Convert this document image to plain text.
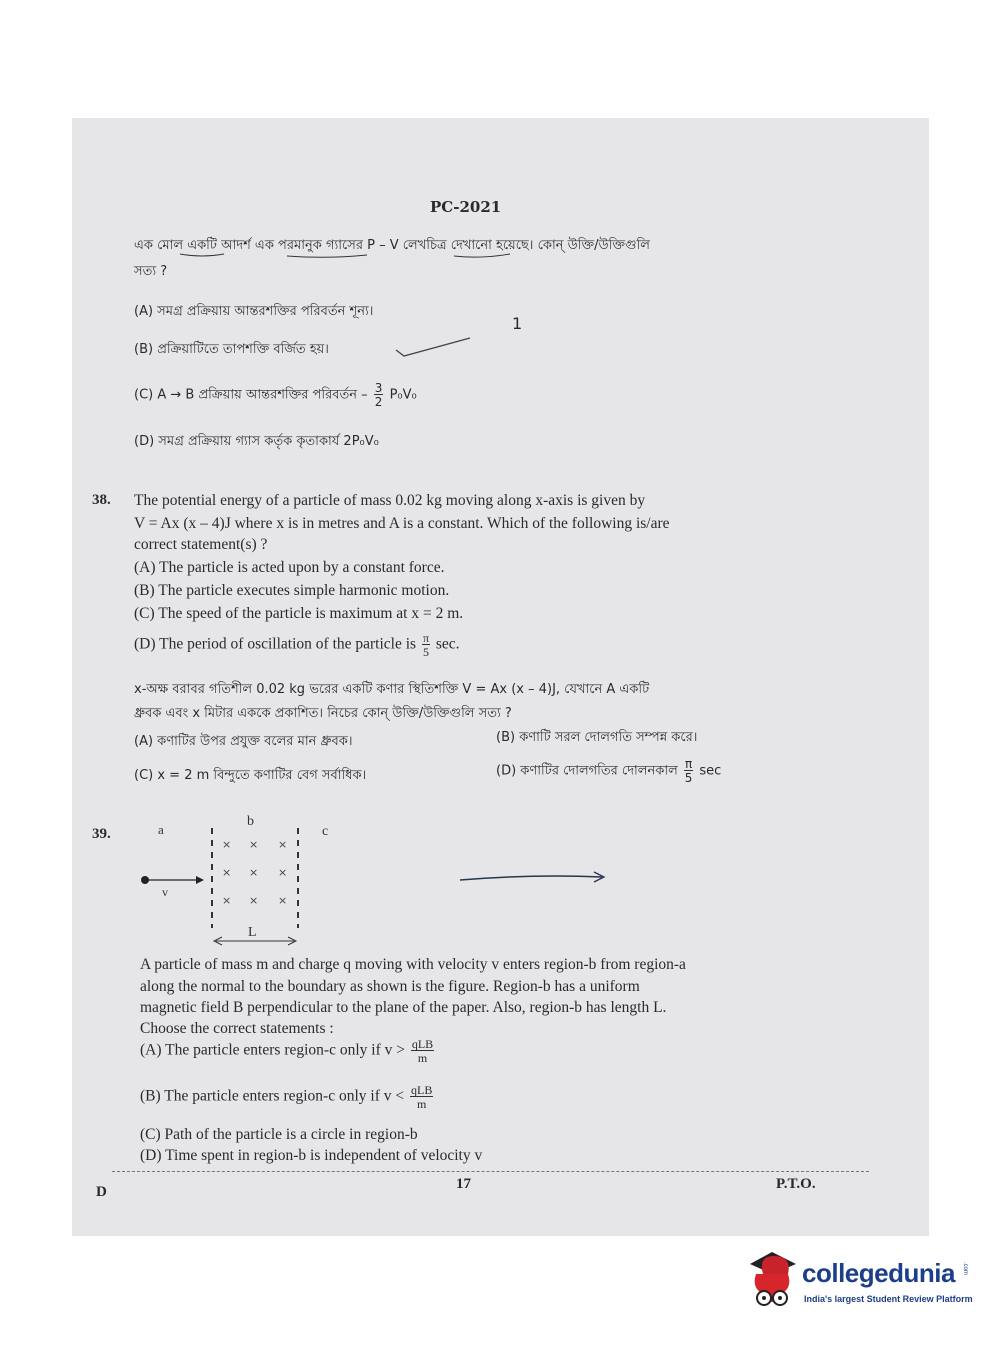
PC-2021
এক মোল একটি আদর্শ এক পরমানুক গ্যাসের P – V লেখচিত্র দেখানো হয়েছে। কোন্ উক্তি/উক্তিগুলি
সত্য ?
(A) সমগ্র প্রক্রিয়ায় আন্তরশক্তির পরিবর্তন শূন্য।
1
(B) প্রক্রিয়াটিতে তাপশক্তি বর্জিত হয়।
(C) A → B প্রক্রিয়ায় আন্তরশক্তির পরিবর্তন – $\frac{3}{2} P_0V_0$
(D) সমগ্র প্রক্রিয়ায় গ্যাস কর্তৃক কৃতাকার্য 2P₀V₀
38. The potential energy of a particle of mass 0.02 kg moving along x-axis is given by
V = Ax (x – 4)J where x is in metres and A is a constant. Which of the following is/are
correct statement(s) ?
(A) The particle is acted upon by a constant force.
(B) The particle executes simple harmonic motion.
(C) The speed of the particle is maximum at x = 2 m.
(D) The period of oscillation of the particle is $\frac{\pi}{5} \sec$.
x-অক্ষ বরাবর গতিশীল 0.02 kg ভরের একটি কণার স্থিতিশক্তি V = Ax (x – 4)J, যেখানে A একটি
ধ্রুবক এবং x মিটার এককে প্রকাশিত। নিচের কোন্ উক্তি/উক্তিগুলি সত্য ?
(A) কণাটির উপর প্রযুক্ত বলের মান ধ্রুবক।	(B) কণাটি সরল দোলগতি সম্পন্ন করে।
(C) x = 2 m বিন্দুতে কণাটির বেগ সর্বাধিক।	(D) কণাটির দোলগতির দোলনকাল $\frac{\pi}{5}$ sec
39.	a
b
c
× × ×
× × ×
× × ×
v
L
A particle of mass m and charge q moving with velocity v enters region-b from region-a
along the normal to the boundary as shown is the figure. Region-b has a uniform
magnetic field B perpendicular to the plane of the paper. Also, region-b has length L.
Choose the correct statements :
(A) The particle enters region-c only if $v > \frac{\text{qLB}}{m}$
(B) The particle enters region-c only if $v < \frac{\text{qLB}}{m}$
(C) Path of the particle is a circle in region-b
(D) Time spent in region-b is independent of velocity v
D	17	P.T.O.
collegedunia .com
India's largest Student Review Platform
